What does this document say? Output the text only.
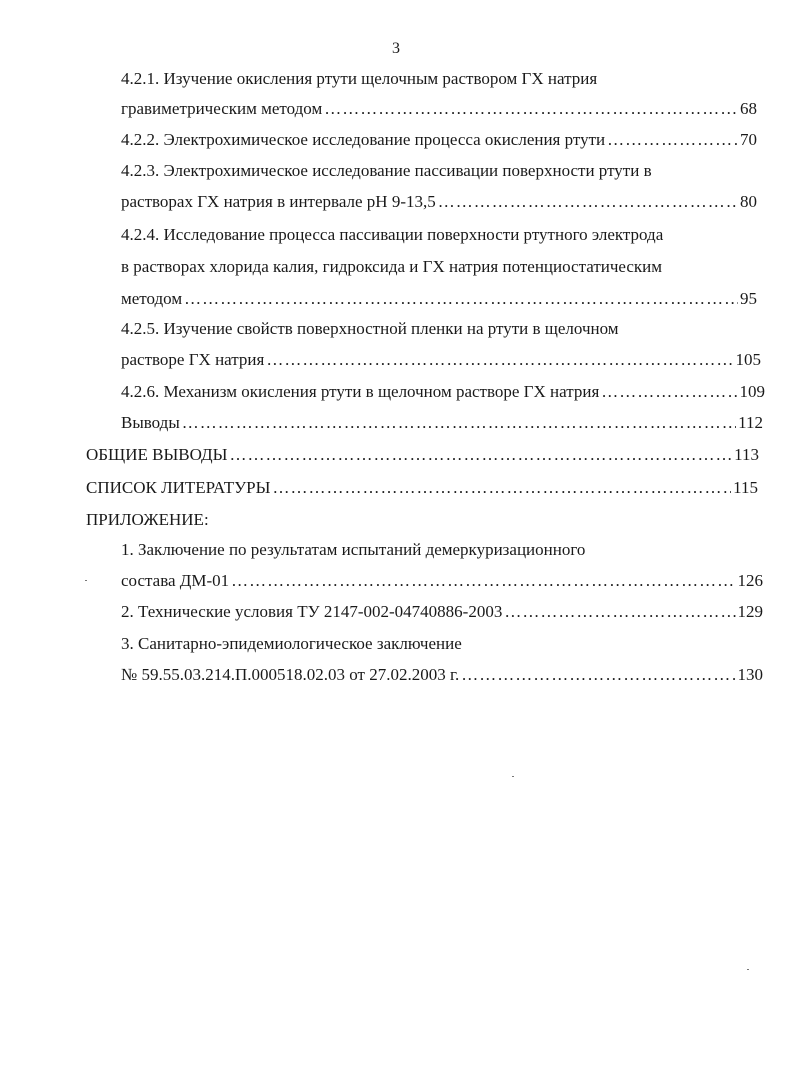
3
4.2.1. Изучение окисления ртути щелочным раствором ГХ натрия
гравиметрическим методом ……………………………………………………………………………………………………………………………………………………………………………………………………………………	68
4.2.2. Электрохимическое исследование процесса окисления ртути ……………………………………………………………………………………………………………………………………………………………………………………………………………………	70
4.2.3. Электрохимическое исследование пассивации поверхности ртути в
растворах ГХ натрия в интервале рН 9-13,5 ……………………………………………………………………………………………………………………………………………………………………………………………………………………	80
4.2.4. Исследование процесса пассивации поверхности ртутного электрода
в растворах хлорида калия, гидроксида и ГХ натрия потенциостатическим
методом ……………………………………………………………………………………………………………………………………………………………………………………………………………………	95
4.2.5. Изучение свойств поверхностной пленки на ртути в щелочном
растворе ГХ натрия ……………………………………………………………………………………………………………………………………………………………………………………………………………………	105
4.2.6. Механизм окисления ртути в щелочном растворе ГХ натрия ……………………………………………………………………………………………………………………………………………………………………………………………………………………	109
Выводы ……………………………………………………………………………………………………………………………………………………………………………………………………………………	112
ОБЩИЕ ВЫВОДЫ ……………………………………………………………………………………………………………………………………………………………………………………………………………………	113
СПИСОК ЛИТЕРАТУРЫ ……………………………………………………………………………………………………………………………………………………………………………………………………………………	115
ПРИЛОЖЕНИЕ:
1. Заключение по результатам испытаний демеркуризационного
состава ДМ-01 ……………………………………………………………………………………………………………………………………………………………………………………………………………………	126
2. Технические условия ТУ 2147-002-04740886-2003 ……………………………………………………………………………………………………………………………………………………………………………………………………………………	129
3. Санитарно-эпидемиологическое заключение
№ 59.55.03.214.П.000518.02.03 от 27.02.2003 г. ……………………………………………………………………………………………………………………………………………………………………………………………………………………	130
